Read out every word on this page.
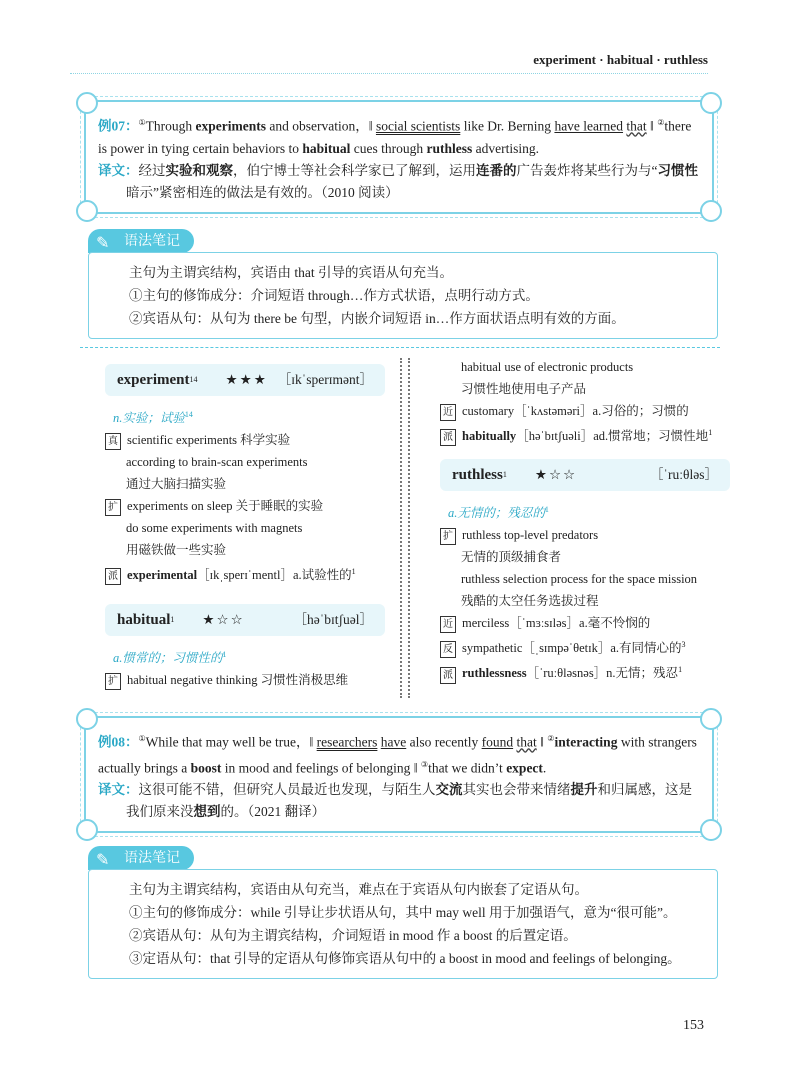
experiment · habitual · ruthless
例07：①Through experiments and observation，‖ social scientists like Dr. Berning have learned that ‖ ②there is power in tying certain behaviors to habitual cues through ruthless advertising.
译文：经过实验和观察，伯宁博士等社会科学家已了解到，运用连番的广告轰炸将某些行为与“习惯性暗示”紧密相连的做法是有效的。（2010 阅读）
✎ 语法笔记
主句为主谓宾结构，宾语由 that 引导的宾语从句充当。
①主句的修饰成分：介词短语 through…作方式状语，点明行动方式。
②宾语从句：从句为 there be 句型，内嵌介词短语 in…作方面状语点明有效的方面。
experiment 14 ★★★ ［ɪkˈsperɪmənt］
n.实验；试验$^{14}$
真 scientific experiments 科学实验
according to brain-scan experiments
通过大脑扫描实验
扩 experiments on sleep 关于睡眠的实验
do some experiments with magnets
用磁铁做一些实验
派 experimental［ɪkˌsperɪˈmentl］a.试验性的$^1$
habitual 1 ★☆☆	［həˈbɪtʃuəl］
a.惯常的；习惯性的$^1$
扩 habitual negative thinking 习惯性消极思维
habitual use of electronic products
习惯性地使用电子产品
近 customary［ˈkʌstəməri］a.习俗的；习惯的
派 habitually［həˈbɪtʃuəli］ad.惯常地；习惯性地$^1$
ruthless 1 ★☆☆	［ˈruːθləs］
a.无情的；残忍的$^1$
扩 ruthless top-level predators
无情的顶级捕食者
ruthless selection process for the space mission
残酷的太空任务选拔过程
近 merciless［ˈmɜːsɪləs］a.毫不怜悯的
反 sympathetic［ˌsɪmpəˈθetɪk］a.有同情心的$^3$
派 ruthlessness［ˈruːθləsnəs］n.无情；残忍$^1$
例08：①While that may well be true，‖ researchers have also recently found that ‖ ②interacting with strangers actually brings a boost in mood and feelings of belonging ‖ ③that we didn’t expect.
译文：这很可能不错，但研究人员最近也发现，与陌生人交流其实也会带来情绪提升和归属感，这是我们原来没想到的。（2021 翻译）
✎ 语法笔记
主句为主谓宾结构，宾语由从句充当，难点在于宾语从句内嵌套了定语从句。
①主句的修饰成分：while 引导让步状语从句，其中 may well 用于加强语气，意为“很可能”。
②宾语从句：从句为主谓宾结构，介词短语 in mood 作 a boost 的后置定语。
③定语从句：that 引导的定语从句修饰宾语从句中的 a boost in mood and feelings of belonging。
153
